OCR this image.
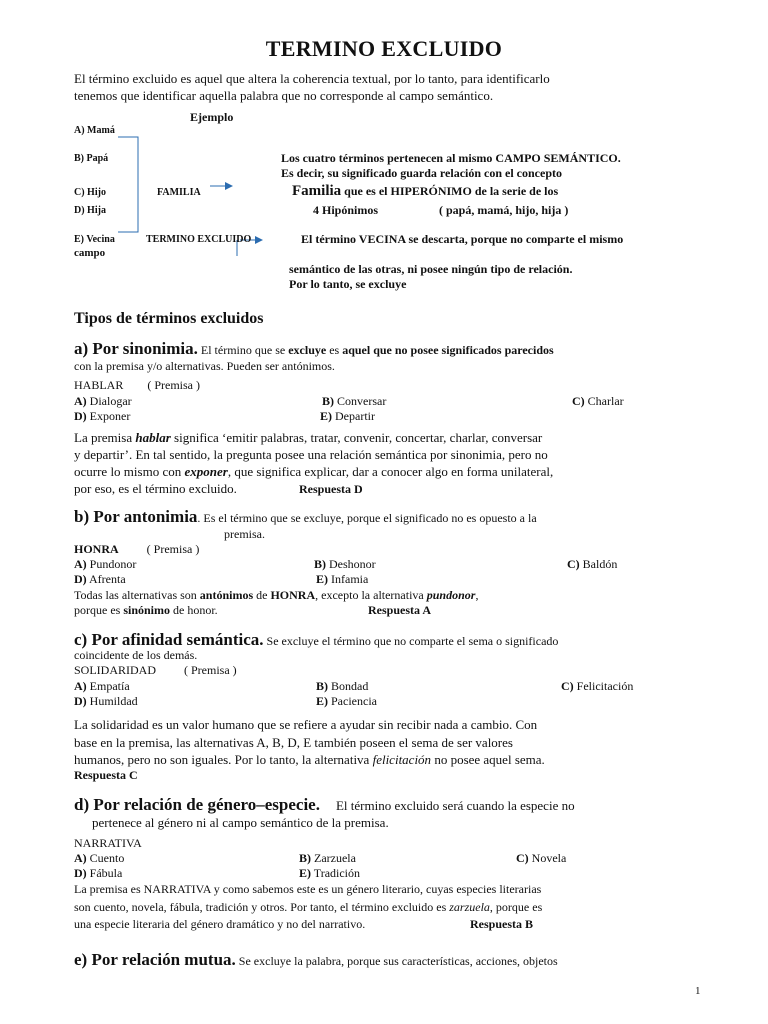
TERMINO EXCLUIDO
El término excluido es aquel que altera la coherencia textual, por lo tanto, para identificarlo
tenemos que identificar aquella palabra que no corresponde al campo semántico.
Ejemplo
A) Mamá
B) Papá
C) Hijo
D) Hija
E) Vecina
campo
FAMILIA
TERMINO EXCLUIDO
Los cuatro términos pertenecen al mismo CAMPO SEMÁNTICO.
Es decir, su significado guarda relación con el concepto
Familia que es el HIPERÓNIMO de la serie de los
4 Hipónimos	( papá, mamá, hijo, hija )
El término VECINA se descarta, porque no comparte el mismo
semántico de las otras, ni posee ningún tipo de relación.
Por lo tanto, se excluye
Tipos de términos excluidos
a) Por sinonimia. El término que se excluye es aquel que no posee significados parecidos
con la premisa y/o alternativas. Pueden ser antónimos.
HABLAR ( Premisa )
A) Dialogar	B) Conversar	C) Charlar
D) Exponer	E) Departir
La premisa hablar significa ‘emitir palabras, tratar, convenir, concertar, charlar, conversar
y departir’. En tal sentido, la pregunta posee una relación semántica por sinonimia, pero no
ocurre lo mismo con exponer, que significa explicar, dar a conocer algo en forma unilateral,
por eso, es el término excluido.	Respuesta D
b) Por antonimia. Es el término que se excluye, porque el significado no es opuesto a la
premisa.
HONRA ( Premisa )
A) Pundonor	B) Deshonor	C) Baldón
D) Afrenta	E) Infamia
Todas las alternativas son antónimos de HONRA, excepto la alternativa pundonor,
porque es sinónimo de honor.	Respuesta A
c) Por afinidad semántica. Se excluye el término que no comparte el sema o significado
coincidente de los demás.
SOLIDARIDAD ( Premisa )
A) Empatía	B) Bondad	C) Felicitación
D) Humildad	E) Paciencia
La solidaridad es un valor humano que se refiere a ayudar sin recibir nada a cambio. Con
base en la premisa, las alternativas A, B, D, E también poseen el sema de ser valores
humanos, pero no son iguales. Por lo tanto, la alternativa felicitación no posee aquel sema.
Respuesta C
d) Por relación de género–especie. El término excluido será cuando la especie no
pertenece al género ni al campo semántico de la premisa.
NARRATIVA
A) Cuento	B) Zarzuela	C) Novela
D) Fábula	E) Tradición
La premisa es NARRATIVA y como sabemos este es un género literario, cuyas especies literarias
son cuento, novela, fábula, tradición y otros. Por tanto, el término excluido es zarzuela, porque es
una especie literaria del género dramático y no del narrativo.	Respuesta B
e) Por relación mutua. Se excluye la palabra, porque sus características, acciones, objetos
1
